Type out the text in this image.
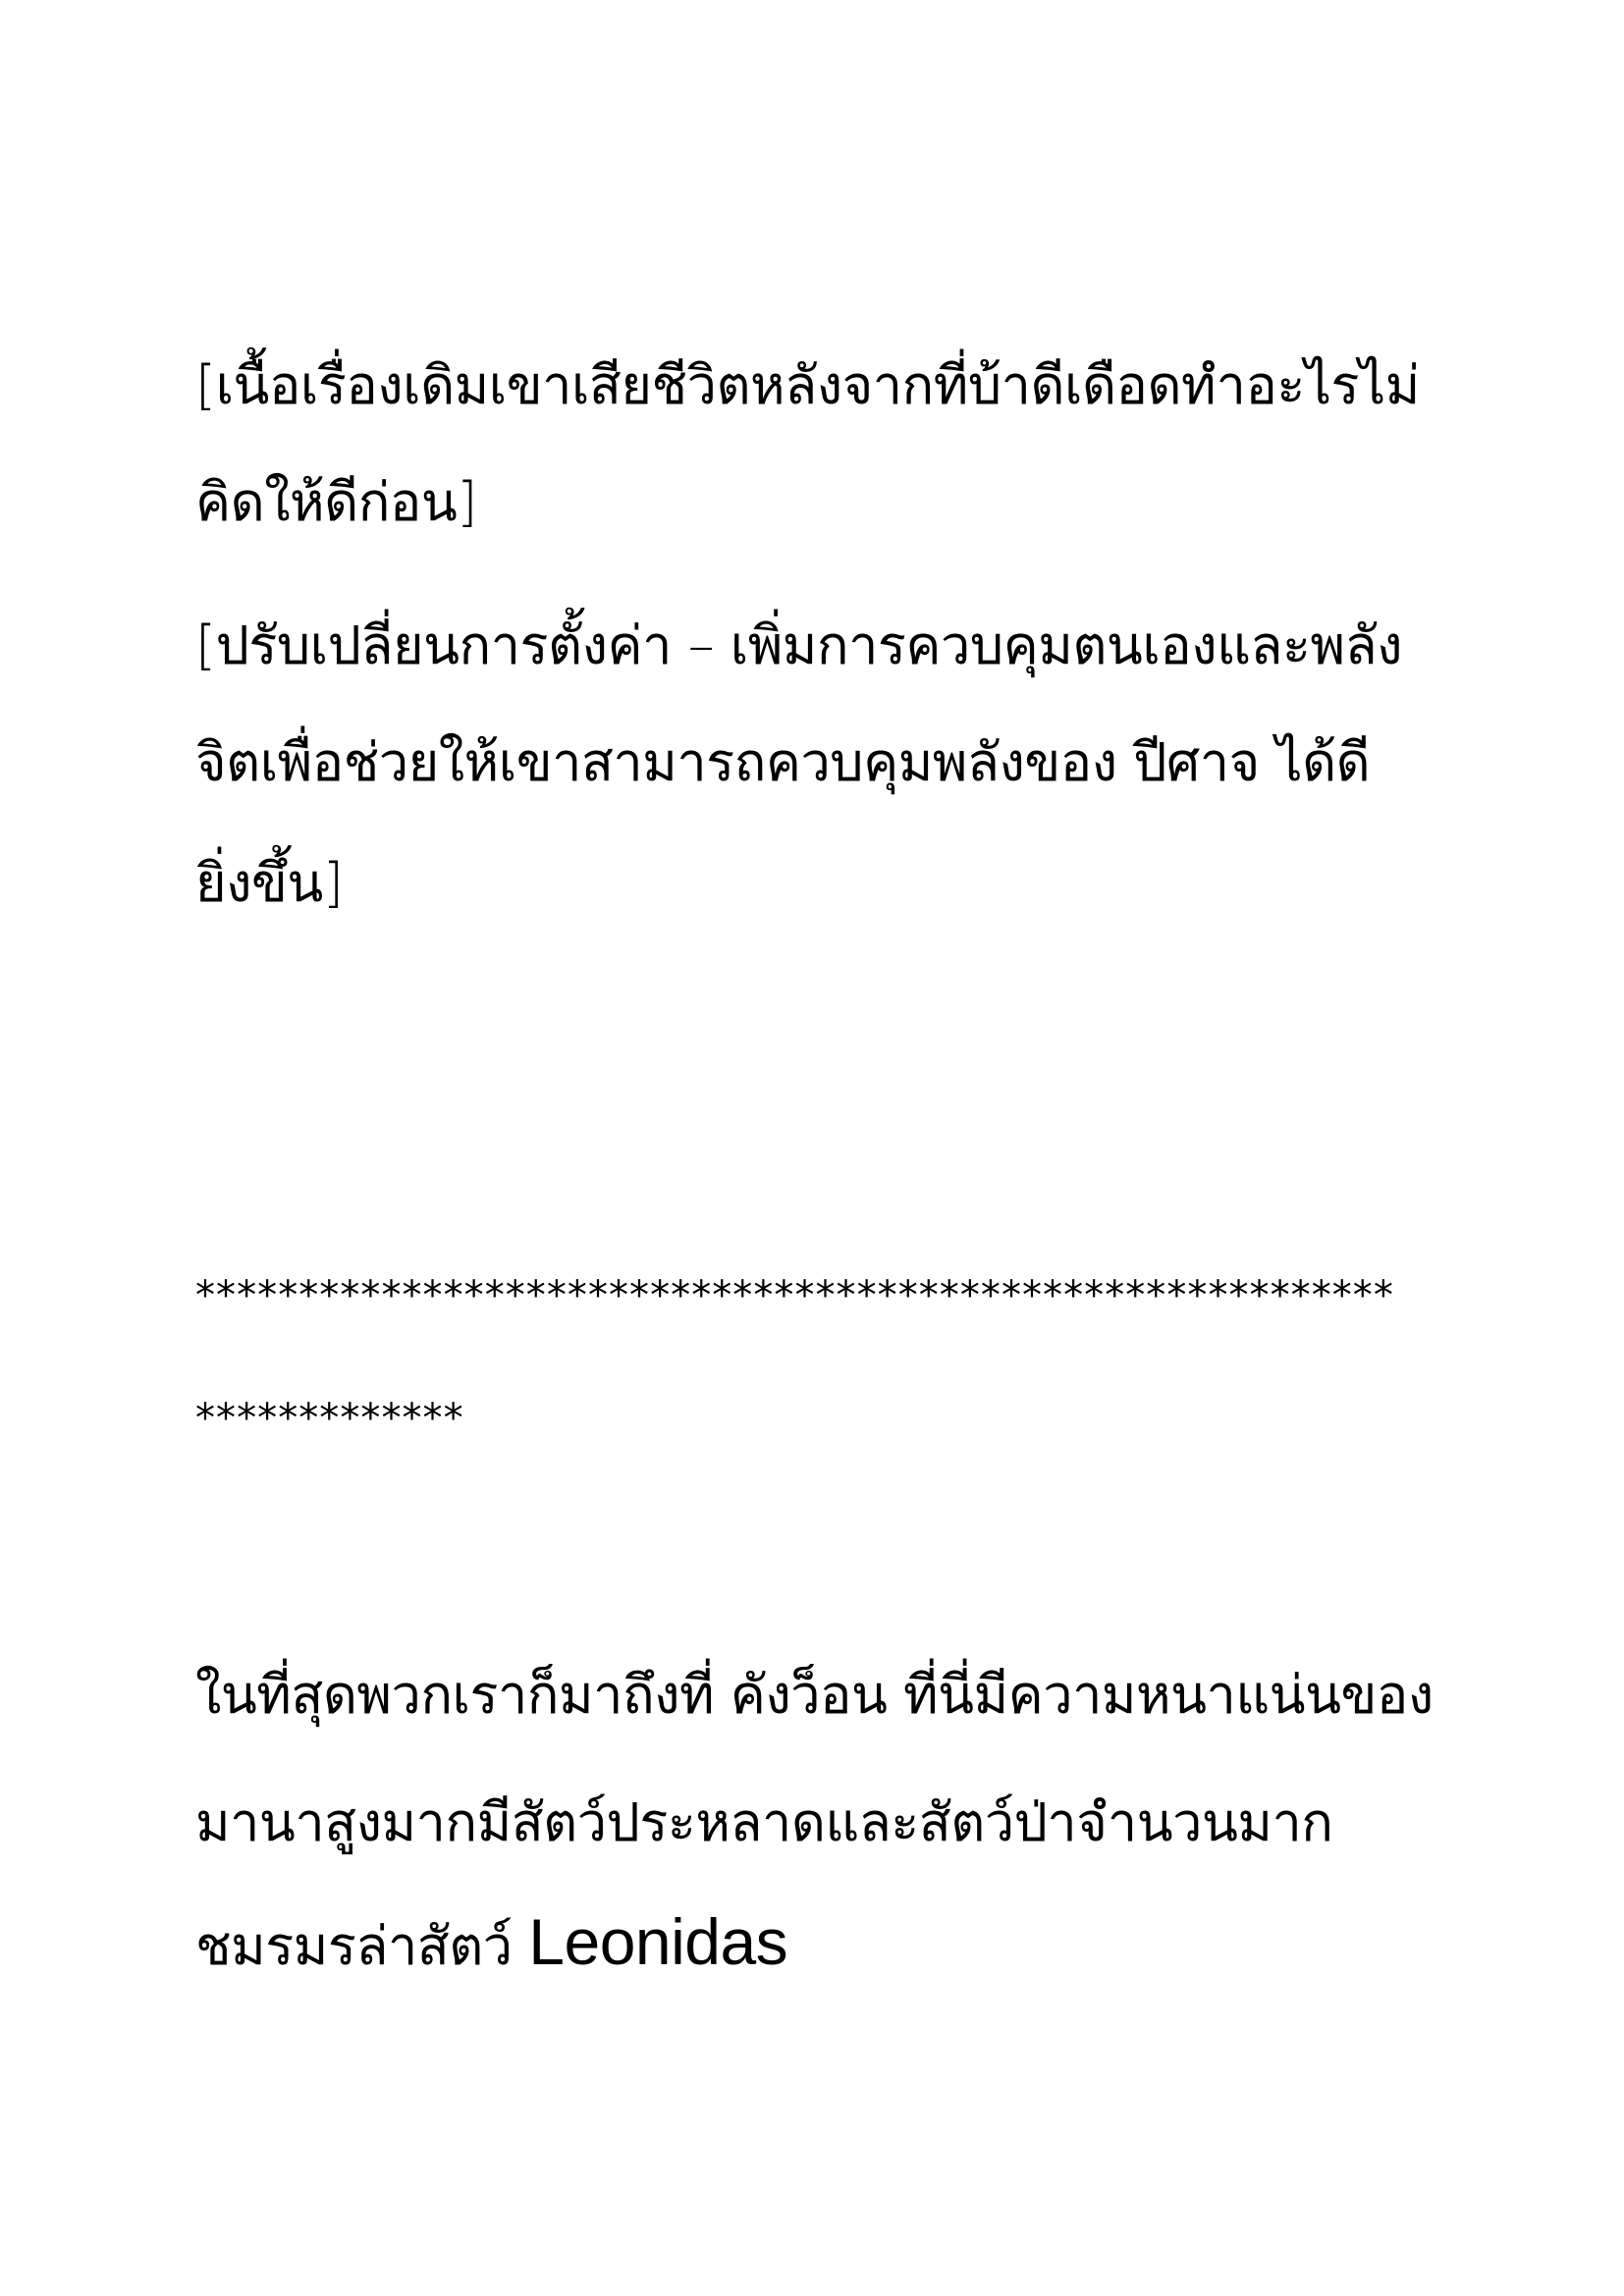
[เนื้อเรื่องเดิมเขาเสียชีวิตหลังจากที่บ้าดีเดือดทำอะไรไม่
คิดให้ดีก่อน]
[ปรับเปลี่ยนการตั้งค่า – เพิ่มการควบคุมตนเองและพลัง
จิตเพื่อช่วยให้เขาสามารถควบคุมพลังของ ปีศาจ ได้ดี
ยิ่งขึ้น]
**********************************************************
*************
ในที่สุดพวกเราก็มาถึงที่ คังว็อน ที่นี่มีความหนาแน่นของ
มานาสูงมากมีสัตว์ประหลาดและสัตว์ป่าจำนวนมาก
ชมรมรล่าสัตว์ Leonidas
